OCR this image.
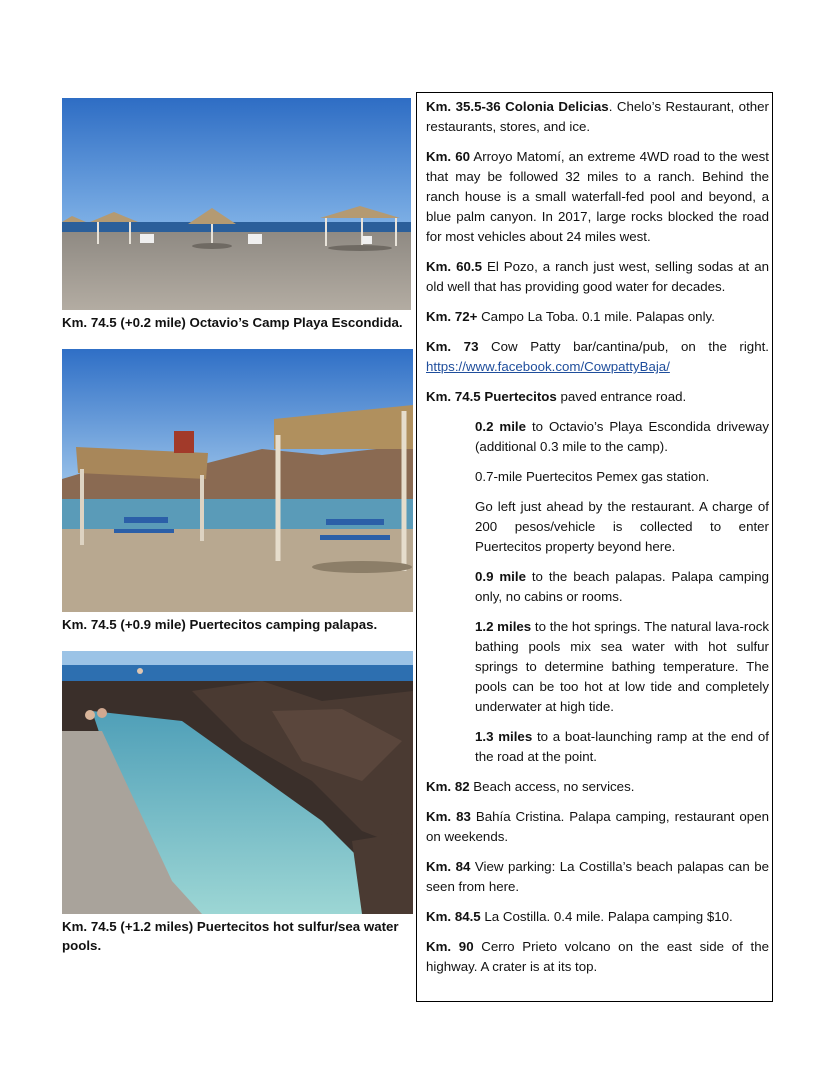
Km. 74.5 (+0.2 mile) Octavio’s Camp Playa Escondida.
Km. 74.5 (+0.9 mile) Puertecitos camping palapas.
Km. 74.5 (+1.2 miles) Puertecitos hot sulfur/sea water pools.

Km. 35.5-36 Colonia Delicias. Chelo’s Restaurant, other restaurants, stores, and ice.

Km. 60 Arroyo Matomí, an extreme 4WD road to the west that may be followed 32 miles to a ranch. Behind the ranch house is a small waterfall-fed pool and beyond, a blue palm canyon. In 2017, large rocks blocked the road for most vehicles about 24 miles west.

Km. 60.5 El Pozo, a ranch just west, selling sodas at an old well that has providing good water for decades.

Km. 72+ Campo La Toba. 0.1 mile. Palapas only.

Km. 73 Cow Patty bar/cantina/pub, on the right. https://www.facebook.com/CowpattyBaja/

Km. 74.5 Puertecitos paved entrance road.

0.2 mile to Octavio’s Playa Escondida driveway (additional 0.3 mile to the camp).

0.7-mile Puertecitos Pemex gas station.

Go left just ahead by the restaurant. A charge of 200 pesos/vehicle is collected to enter Puertecitos property beyond here.

0.9 mile to the beach palapas. Palapa camping only, no cabins or rooms.

1.2 miles to the hot springs. The natural lava-rock bathing pools mix sea water with hot sulfur springs to determine bathing temperature. The pools can be too hot at low tide and completely underwater at high tide.

1.3 miles to a boat-launching ramp at the end of the road at the point.

Km. 82 Beach access, no services.

Km. 83 Bahía Cristina. Palapa camping, restaurant open on weekends.

Km. 84 View parking: La Costilla’s beach palapas can be seen from here.

Km. 84.5 La Costilla. 0.4 mile. Palapa camping $10.

Km. 90 Cerro Prieto volcano on the east side of the highway. A crater is at its top.
